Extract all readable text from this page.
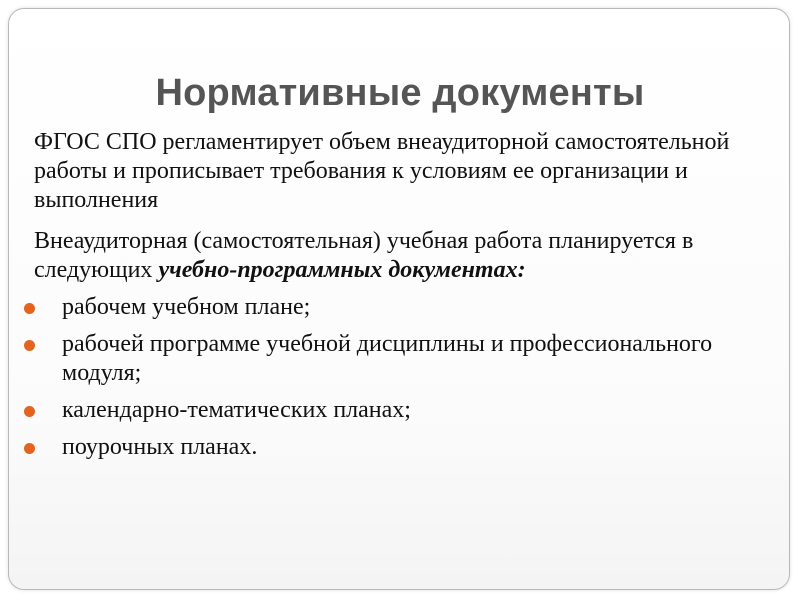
Нормативные документы

ФГОС СПО регламентирует объем внеаудиторной самостоятельной работы и прописывает требования к условиям ее организации и выполнения

Внеаудиторная (самостоятельная) учебная работа планируется в следующих учебно-программных документах:

рабочем учебном плане;
рабочей программе учебной дисциплины и профессионального модуля;
календарно-тематических планах;
поурочных планах.
